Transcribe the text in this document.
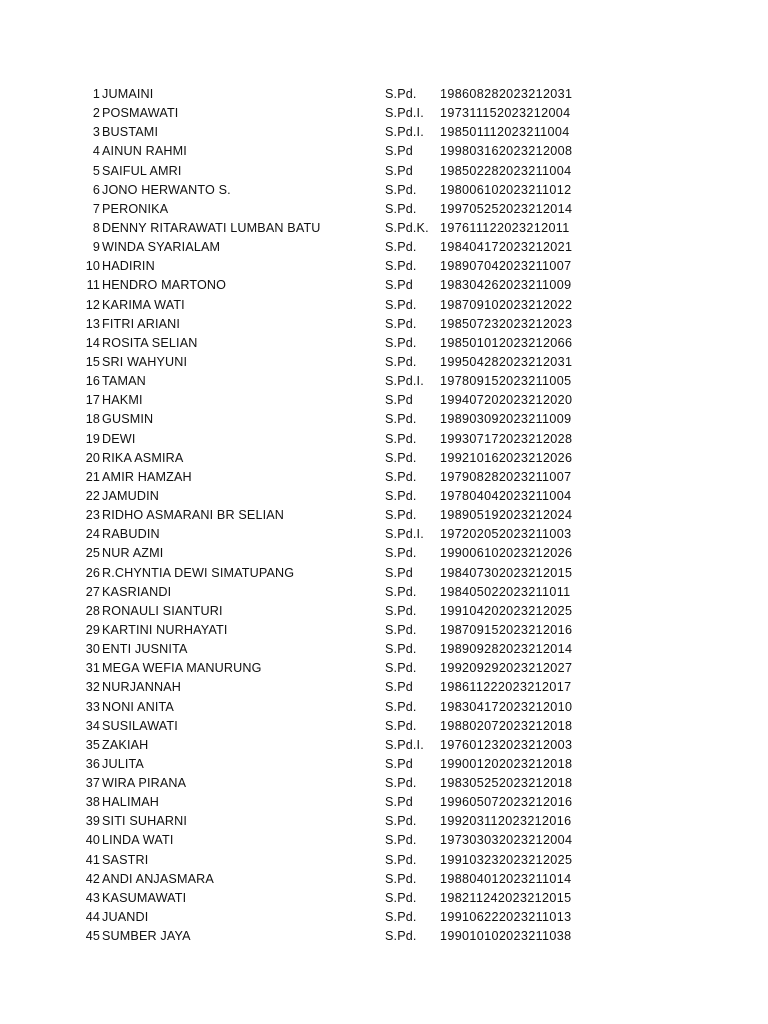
1 JUMAINI	S.Pd. 198608282023212031
2 POSMAWATI	S.Pd.I. 197311152023212004
3 BUSTAMI	S.Pd.I. 198501112023211004
4 AINUN RAHMI	S.Pd 199803162023212008
5 SAIFUL AMRI	S.Pd 198502282023211004
6 JONO HERWANTO S.	S.Pd. 198006102023211012
7 PERONIKA	S.Pd. 199705252023212014
8 DENNY RITARAWATI LUMBAN BATU	S.Pd.K. 197611122023212011
9 WINDA SYARIALAM	S.Pd. 198404172023212021
10 HADIRIN	S.Pd. 198907042023211007
11 HENDRO MARTONO	S.Pd 198304262023211009
12 KARIMA WATI	S.Pd. 198709102023212022
13 FITRI ARIANI	S.Pd. 198507232023212023
14 ROSITA SELIAN	S.Pd. 198501012023212066
15 SRI WAHYUNI	S.Pd. 199504282023212031
16 TAMAN	S.Pd.I. 197809152023211005
17 HAKMI	S.Pd 199407202023212020
18 GUSMIN	S.Pd. 198903092023211009
19 DEWI	S.Pd. 199307172023212028
20 RIKA ASMIRA	S.Pd. 199210162023212026
21 AMIR HAMZAH	S.Pd. 197908282023211007
22 JAMUDIN	S.Pd. 197804042023211004
23 RIDHO ASMARANI BR SELIAN	S.Pd. 198905192023212024
24 RABUDIN	S.Pd.I. 197202052023211003
25 NUR AZMI	S.Pd. 199006102023212026
26 R.CHYNTIA DEWI SIMATUPANG	S.Pd 198407302023212015
27 KASRIANDI	S.Pd. 198405022023211011
28 RONAULI SIANTURI	S.Pd. 199104202023212025
29 KARTINI NURHAYATI	S.Pd. 198709152023212016
30 ENTI JUSNITA	S.Pd. 198909282023212014
31 MEGA WEFIA MANURUNG	S.Pd. 199209292023212027
32 NURJANNAH	S.Pd 198611222023212017
33 NONI ANITA	S.Pd. 198304172023212010
34 SUSILAWATI	S.Pd. 198802072023212018
35 ZAKIAH	S.Pd.I. 197601232023212003
36 JULITA	S.Pd 199001202023212018
37 WIRA PIRANA	S.Pd. 198305252023212018
38 HALIMAH	S.Pd 199605072023212016
39 SITI SUHARNI	S.Pd. 199203112023212016
40 LINDA WATI	S.Pd. 197303032023212004
41 SASTRI	S.Pd. 199103232023212025
42 ANDI ANJASMARA	S.Pd. 198804012023211014
43 KASUMAWATI	S.Pd. 198211242023212015
44 JUANDI	S.Pd. 199106222023211013
45 SUMBER JAYA	S.Pd. 199010102023211038
